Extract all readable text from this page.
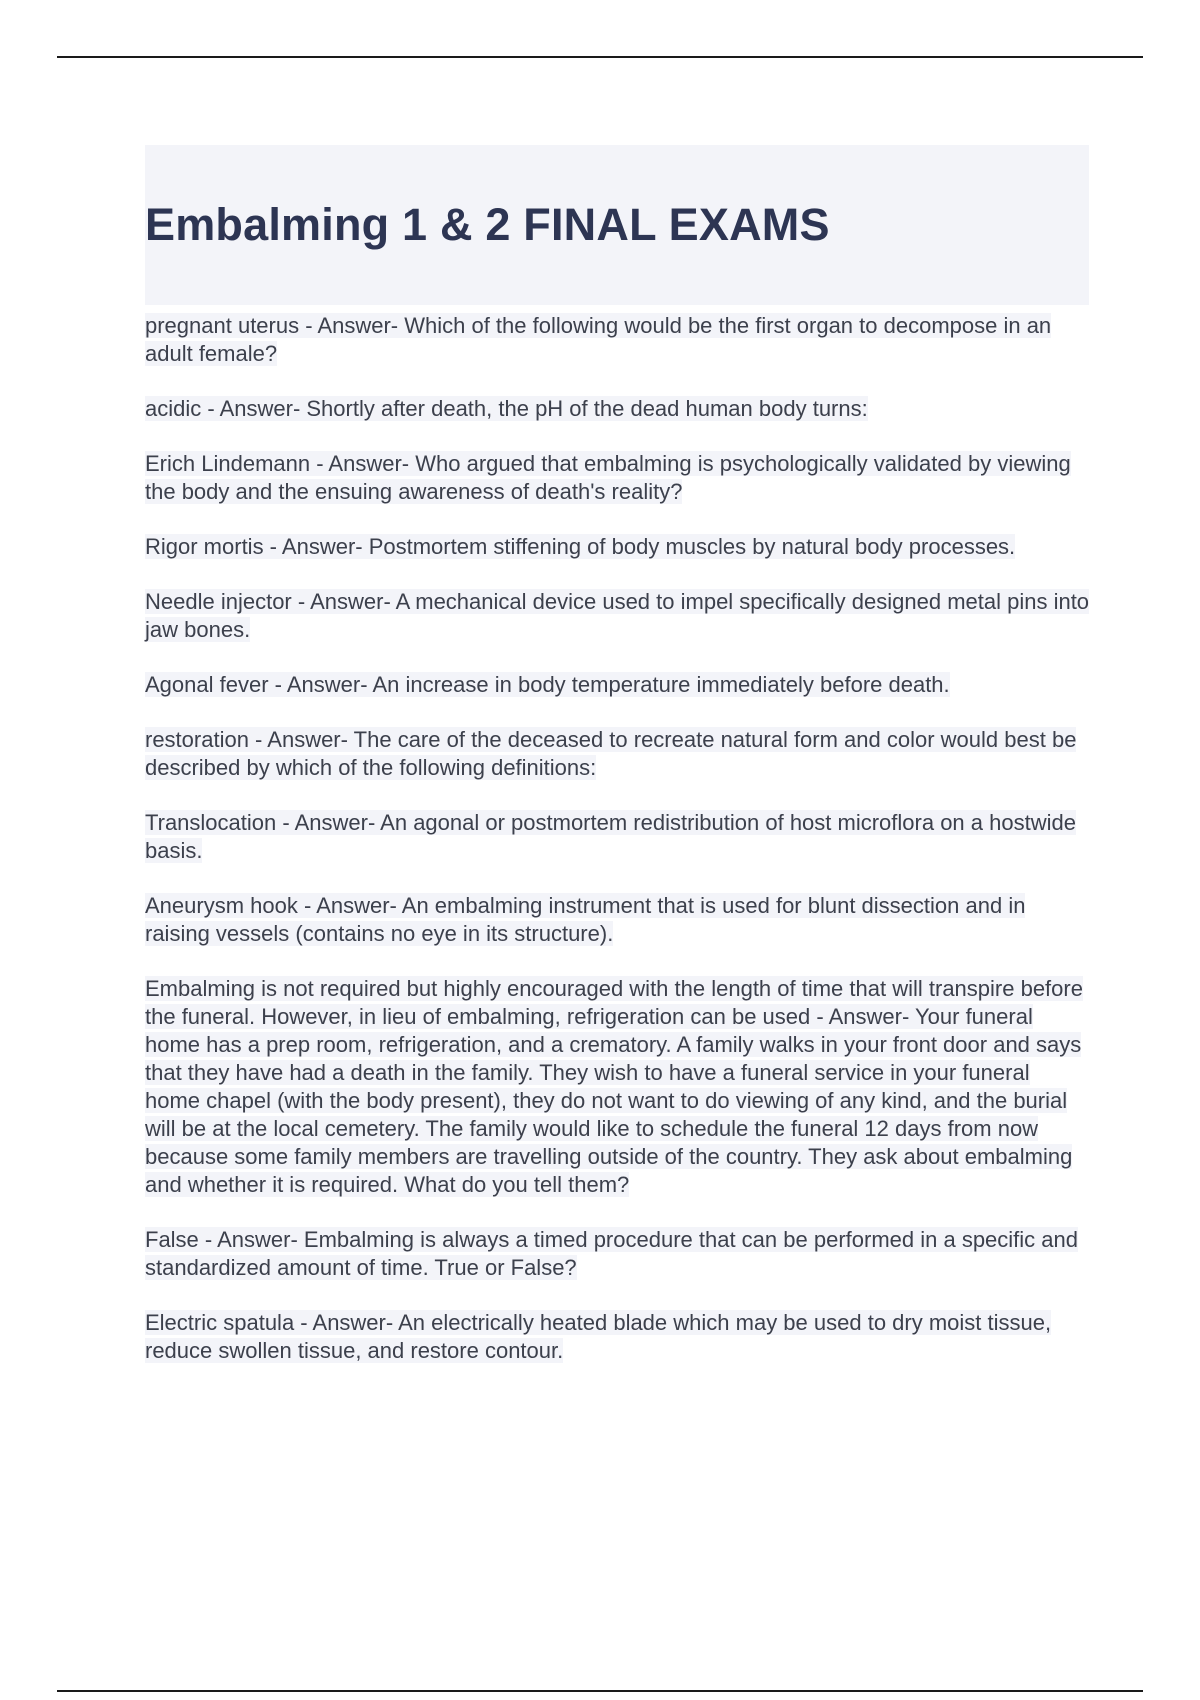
Embalming 1 & 2 FINAL EXAMS
pregnant uterus - Answer- Which of the following would be the first organ to decompose in an adult female?
acidic - Answer- Shortly after death, the pH of the dead human body turns:
Erich Lindemann - Answer- Who argued that embalming is psychologically validated by viewing the body and the ensuing awareness of death's reality?
Rigor mortis - Answer- Postmortem stiffening of body muscles by natural body processes.
Needle injector - Answer- A mechanical device used to impel specifically designed metal pins into jaw bones.
Agonal fever - Answer- An increase in body temperature immediately before death.
restoration - Answer- The care of the deceased to recreate natural form and color would best be described by which of the following definitions:
Translocation - Answer- An agonal or postmortem redistribution of host microflora on a hostwide basis.
Aneurysm hook - Answer- An embalming instrument that is used for blunt dissection and in raising vessels (contains no eye in its structure).
Embalming is not required but highly encouraged with the length of time that will transpire before the funeral. However, in lieu of embalming, refrigeration can be used - Answer- Your funeral home has a prep room, refrigeration, and a crematory. A family walks in your front door and says that they have had a death in the family. They wish to have a funeral service in your funeral home chapel (with the body present), they do not want to do viewing of any kind, and the burial will be at the local cemetery. The family would like to schedule the funeral 12 days from now because some family members are travelling outside of the country. They ask about embalming and whether it is required. What do you tell them?
False - Answer- Embalming is always a timed procedure that can be performed in a specific and standardized amount of time. True or False?
Electric spatula - Answer- An electrically heated blade which may be used to dry moist tissue, reduce swollen tissue, and restore contour.
